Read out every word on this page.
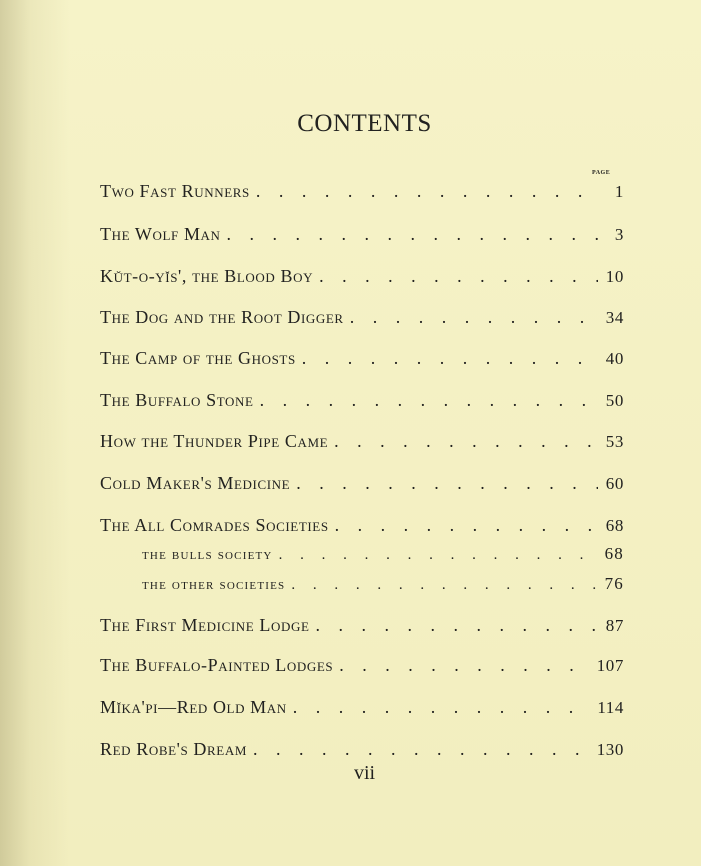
CONTENTS
page
Two Fast Runners . . .	1
The Wolf Man . . .	3
Kŭt-o-yĭs', the Blood Boy . . .	10
The Dog and the Root Digger . . .	34
The Camp of the Ghosts . . .	40
The Buffalo Stone . . .	50
How the Thunder Pipe Came . . .	53
Cold Maker's Medicine . . .	60
The All Comrades Societies . . .	68
the bulls society . . .	68
the other societies . . .	76
The First Medicine Lodge . . .	87
The Buffalo-Painted Lodges . . .	107
Mĭka'pi—Red Old Man . . .	114
Red Robe's Dream . . .	130
vii
